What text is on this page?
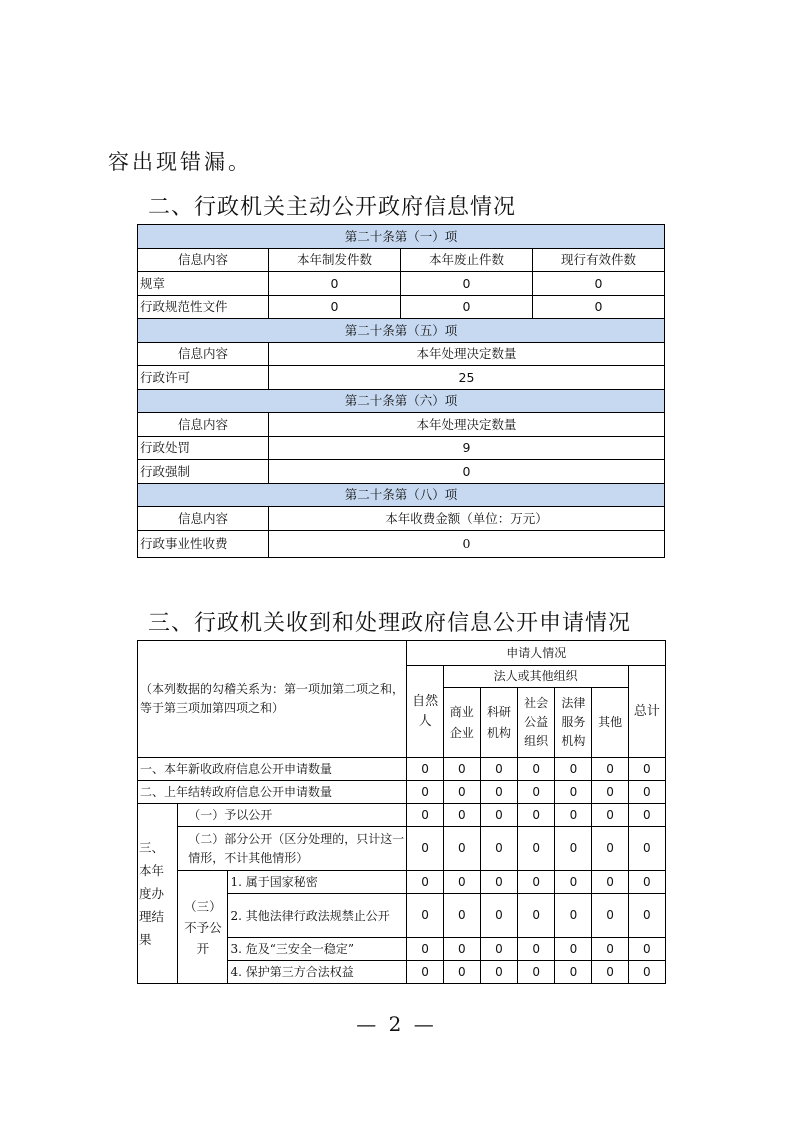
容出现错漏。
二、行政机关主动公开政府信息情况
第二十条第（一）项			
信息内容	本年制发件数	本年废止件数	现行有效件数
规章	0	0	0
行政规范性文件	0	0	0
第二十条第（五）项			
信息内容	本年处理决定数量		
行政许可	25		
第二十条第（六）项			
信息内容	本年处理决定数量		
行政处罚	9		
行政强制	0		
第二十条第（八）项			
信息内容	本年收费金额（单位：万元）		
行政事业性收费	0		
三、行政机关收到和处理政府信息公开申请情况
（本列数据的勾稽关系为：第一项加第二项之和，等于第三项加第四项之和）			申请人情况						
			自然人	法人或其他组织					总计
				商业企业	科研机构	社会公益组织	法律服务机构	其他	
一、本年新收政府信息公开申请数量			0	0	0	0	0	0	0
二、上年结转政府信息公开申请数量			0	0	0	0	0	0	0
三、本年度办理结果	（一）予以公开		0	0	0	0	0	0	0
	（二）部分公开（区分处理的，只计这一情形，不计其他情形）		0	0	0	0	0	0	0
	（三）不予公开	1. 属于国家秘密	0	0	0	0	0	0	0
		2. 其他法律行政法规禁止公开	0	0	0	0	0	0	0
		3. 危及“三安全一稳定”	0	0	0	0	0	0	0
		4. 保护第三方合法权益	0	0	0	0	0	0	0
— 2 —
